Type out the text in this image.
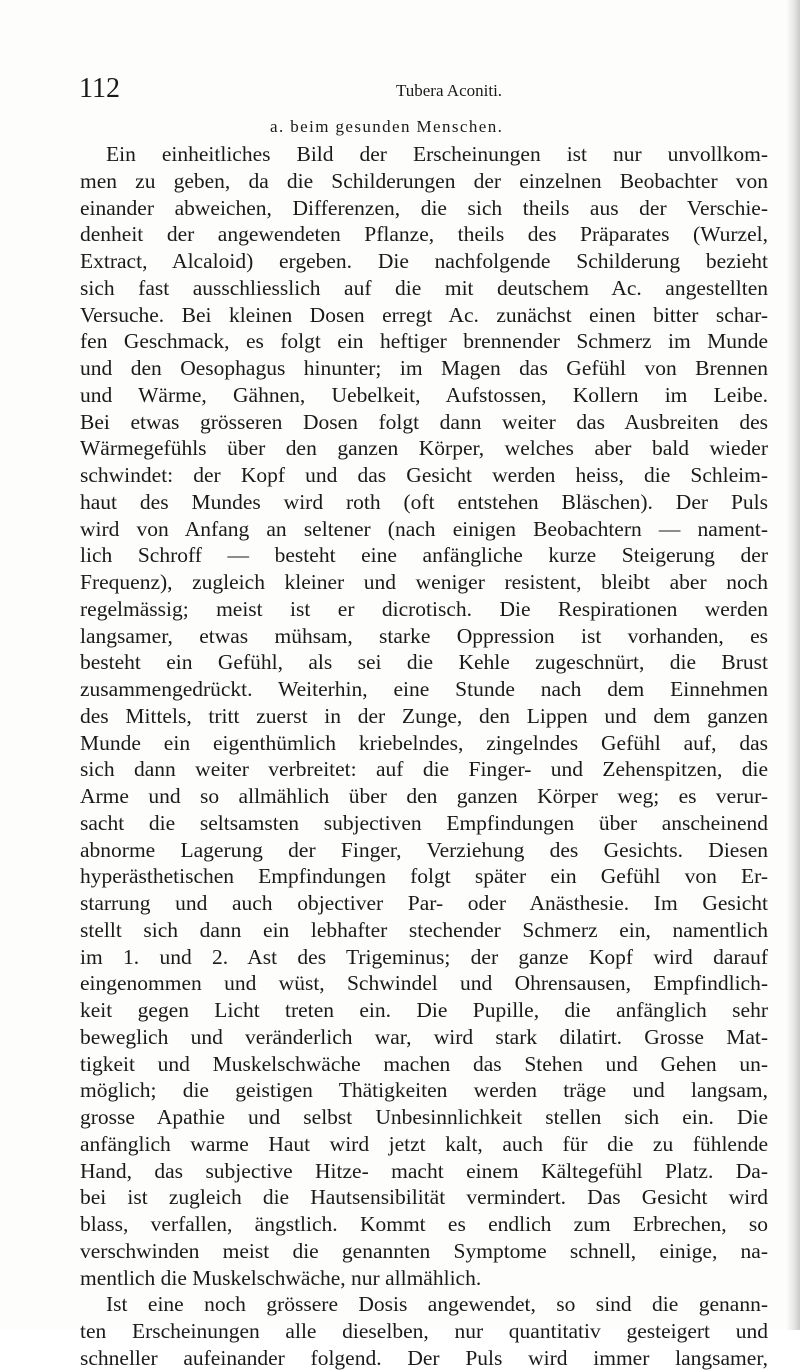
112	Tubera Aconiti.
a. beim gesunden Menschen.
Ein einheitliches Bild der Erscheinungen ist nur unvollkom-
men zu geben, da die Schilderungen der einzelnen Beobachter von
einander abweichen, Differenzen, die sich theils aus der Verschie-
denheit der angewendeten Pflanze, theils des Präparates (Wurzel,
Extract, Alcaloid) ergeben. Die nachfolgende Schilderung bezieht
sich fast ausschliesslich auf die mit deutschem Ac. angestellten
Versuche. Bei kleinen Dosen erregt Ac. zunächst einen bitter schar-
fen Geschmack, es folgt ein heftiger brennender Schmerz im Munde
und den Oesophagus hinunter; im Magen das Gefühl von Brennen
und Wärme, Gähnen, Uebelkeit, Aufstossen, Kollern im Leibe.
Bei etwas grösseren Dosen folgt dann weiter das Ausbreiten des
Wärmegefühls über den ganzen Körper, welches aber bald wieder
schwindet: der Kopf und das Gesicht werden heiss, die Schleim-
haut des Mundes wird roth (oft entstehen Bläschen). Der Puls
wird von Anfang an seltener (nach einigen Beobachtern — nament-
lich Schroff — besteht eine anfängliche kurze Steigerung der
Frequenz), zugleich kleiner und weniger resistent, bleibt aber noch
regelmässig; meist ist er dicrotisch. Die Respirationen werden
langsamer, etwas mühsam, starke Oppression ist vorhanden, es
besteht ein Gefühl, als sei die Kehle zugeschnürt, die Brust
zusammengedrückt. Weiterhin, eine Stunde nach dem Einnehmen
des Mittels, tritt zuerst in der Zunge, den Lippen und dem ganzen
Munde ein eigenthümlich kriebelndes, zingelndes Gefühl auf, das
sich dann weiter verbreitet: auf die Finger- und Zehenspitzen, die
Arme und so allmählich über den ganzen Körper weg; es verur-
sacht die seltsamsten subjectiven Empfindungen über anscheinend
abnorme Lagerung der Finger, Verziehung des Gesichts. Diesen
hyperästhetischen Empfindungen folgt später ein Gefühl von Er-
starrung und auch objectiver Par- oder Anästhesie. Im Gesicht
stellt sich dann ein lebhafter stechender Schmerz ein, namentlich
im 1. und 2. Ast des Trigeminus; der ganze Kopf wird darauf
eingenommen und wüst, Schwindel und Ohrensausen, Empfindlich-
keit gegen Licht treten ein. Die Pupille, die anfänglich sehr
beweglich und veränderlich war, wird stark dilatirt. Grosse Mat-
tigkeit und Muskelschwäche machen das Stehen und Gehen un-
möglich; die geistigen Thätigkeiten werden träge und langsam,
grosse Apathie und selbst Unbesinnlichkeit stellen sich ein. Die
anfänglich warme Haut wird jetzt kalt, auch für die zu fühlende
Hand, das subjective Hitze- macht einem Kältegefühl Platz. Da-
bei ist zugleich die Hautsensibilität vermindert. Das Gesicht wird
blass, verfallen, ängstlich. Kommt es endlich zum Erbrechen, so
verschwinden meist die genannten Symptome schnell, einige, na-
mentlich die Muskelschwäche, nur allmählich.
Ist eine noch grössere Dosis angewendet, so sind die genann-
ten Erscheinungen alle dieselben, nur quantitativ gesteigert und
schneller aufeinander folgend. Der Puls wird immer langsamer,
